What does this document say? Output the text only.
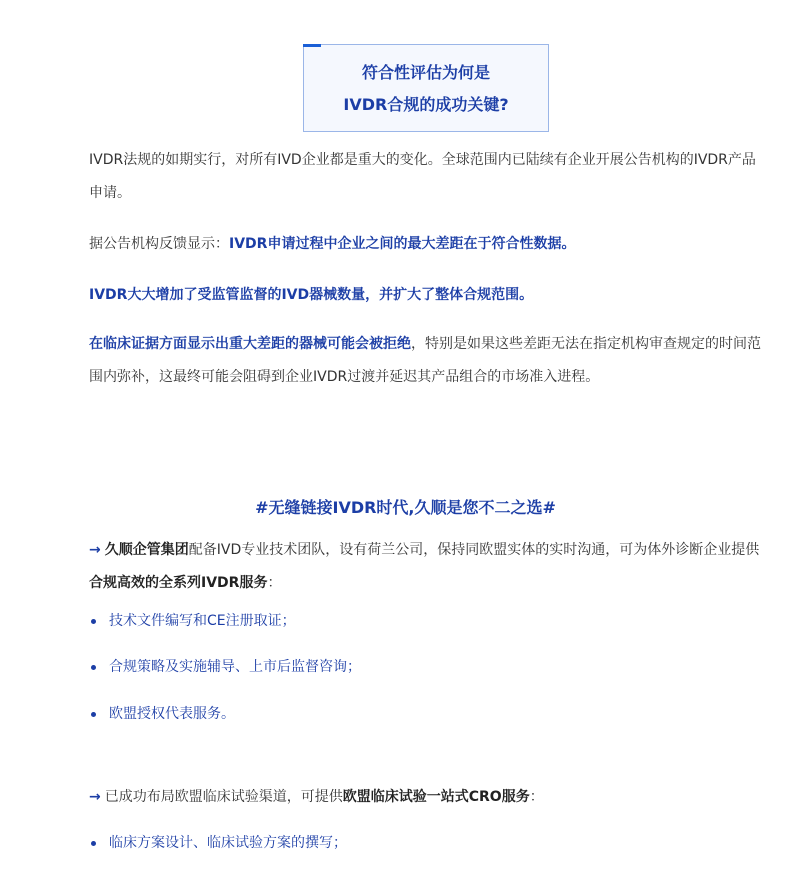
符合性评估为何是
IVDR合规的成功关键?

IVDR法规的如期实行，对所有IVD企业都是重大的变化。全球范围内已陆续有企业开展公告机构的IVDR产品申请。

据公告机构反馈显示：IVDR申请过程中企业之间的最大差距在于符合性数据。

IVDR大大增加了受监管监督的IVD器械数量，并扩大了整体合规范围。

在临床证据方面显示出重大差距的器械可能会被拒绝，特别是如果这些差距无法在指定机构审查规定的时间范围内弥补，这最终可能会阻碍到企业IVDR过渡并延迟其产品组合的市场准入进程。

#无缝链接IVDR时代,久顺是您不二之选#

→ 久顺企管集团配备IVD专业技术团队，设有荷兰公司，保持同欧盟实体的实时沟通，可为体外诊断企业提供合规高效的全系列IVDR服务：

技术文件编写和CE注册取证；
合规策略及实施辅导、上市后监督咨询；
欧盟授权代表服务。

→ 已成功布局欧盟临床试验渠道，可提供欧盟临床试验一站式CRO服务：

临床方案设计、临床试验方案的撰写；
